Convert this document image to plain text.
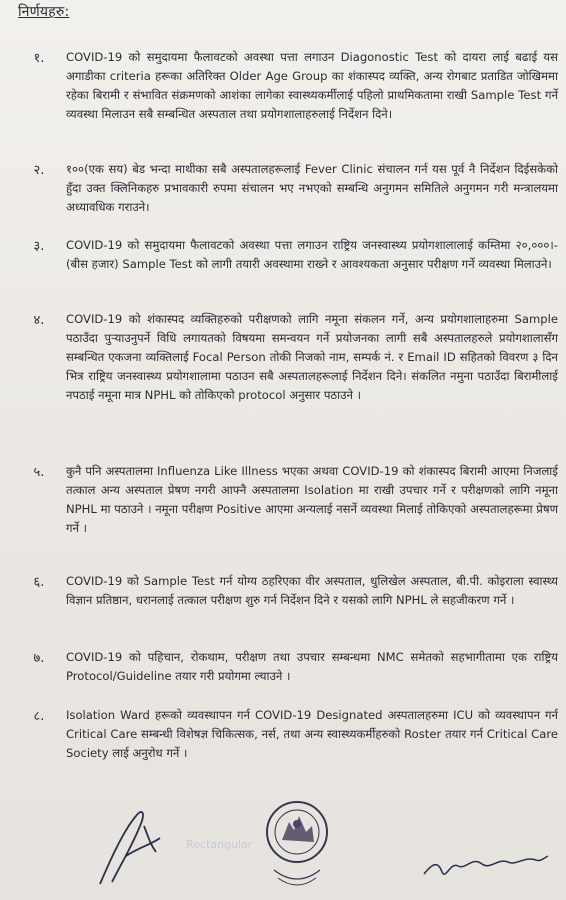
निर्णयहरु:
१.	COVID-19 को समुदायमा फैलावटको अवस्था पत्ता लगाउन Diagonostic Test को दायरा लाई बढाई यस अगाडीका criteria हरूका अतिरिक्त Older Age Group का शंकास्पद व्यक्ति, अन्य रोगबाट प्रताडित जोखिममा रहेका बिरामी र संभावित संक्रमणको आशंका लागेका स्वास्थ्यकर्मीलाई पहिलो प्राथमिकतामा राखी Sample Test गर्ने व्यवस्था मिलाउन सबै सम्बन्धित अस्पताल तथा प्रयोगशालाहरुलाई निर्देशन दिने।
२.	१००(एक सय) बेड भन्दा माथीका सबै अस्पतालहरूलाई Fever Clinic संचालन गर्न यस पूर्व नै निर्देशन दिईसकेको हुँदा उक्त क्लिनिकहरु प्रभावकारी रुपमा संचालन भए नभएको सम्बन्धि अनुगमन समितिले अनुगमन गरी मन्त्रालयमा अध्यावधिक गराउने।
३.	COVID-19 को समुदायमा फैलावटको अवस्था पत्ता लगाउन राष्ट्रिय जनस्वास्थ्य प्रयोगशालालाई कम्तिमा २०,०००।-(बीस हजार) Sample Test को लागी तयारी अवस्थामा राख्ने र आवश्यकता अनुसार परीक्षण गर्ने व्यवस्था मिलाउने।
४.	COVID-19 को शंकास्पद व्यक्तिहरुको परीक्षणको लागि नमूना संकलन गर्ने, अन्य प्रयोगशालाहरुमा Sample पठाउँदा पुऱ्याउनुपर्ने विधि लगायतको विषयमा समन्वयन गर्ने प्रयोजनका लागी सबै अस्पतालहरुले प्रयोगशालासँग सम्बन्धित एकजना व्यक्तिलाई Focal Person तोकी निजको नाम, सम्पर्क नं. र Email ID सहितको विवरण ३ दिन भित्र राष्ट्रिय जनस्वास्थ्य प्रयोगशालामा पठाउन सबै अस्पतालहरूलाई निर्देशन दिने। संकलित नमुना पठाउँदा बिरामीलाई नपठाई नमूना मात्र NPHL को तोकिएको protocol अनुसार पठाउने ।
५.	कुनै पनि अस्पतालमा Influenza Like Illness भएका अथवा COVID-19 को शंकास्पद बिरामी आएमा निजलाई तत्काल अन्य अस्पताल प्रेषण नगरी आफ्नै अस्पतालमा Isolation मा राखी उपचार गर्ने र परीक्षणको लागि नमूना NPHL मा पठाउने । नमूना परीक्षण Positive आएमा अन्यलाई नसर्ने व्यवस्था मिलाई तोकिएको अस्पतालहरूमा प्रेषण गर्ने ।
६.	COVID-19 को Sample Test गर्न योग्य ठहरिएका वीर अस्पताल, धुलिखेल अस्पताल, बी.पी. कोइराला स्वास्थ्य विज्ञान प्रतिष्ठान, धरानलाई तत्काल परीक्षण शुरु गर्न निर्देशन दिने र यसको लागि NPHL ले सहजीकरण गर्ने ।
७.	COVID-19 को पहिचान, रोकथाम, परीक्षण तथा उपचार सम्बन्धमा NMC समेतको सहभागीतामा एक राष्ट्रिय Protocol/Guideline तयार गरी प्रयोगमा ल्याउने ।
८.	Isolation Ward हरूको व्यवस्थापन गर्न COVID-19 Designated अस्पतालहरुमा ICU को व्यवस्थापन गर्न Critical Care सम्बन्धी विशेषज्ञ चिकित्सक, नर्स, तथा अन्य स्वास्थ्यकर्मीहरुको Roster तयार गर्न Critical Care Society लाई अनुरोध गर्ने ।
Rectangular
